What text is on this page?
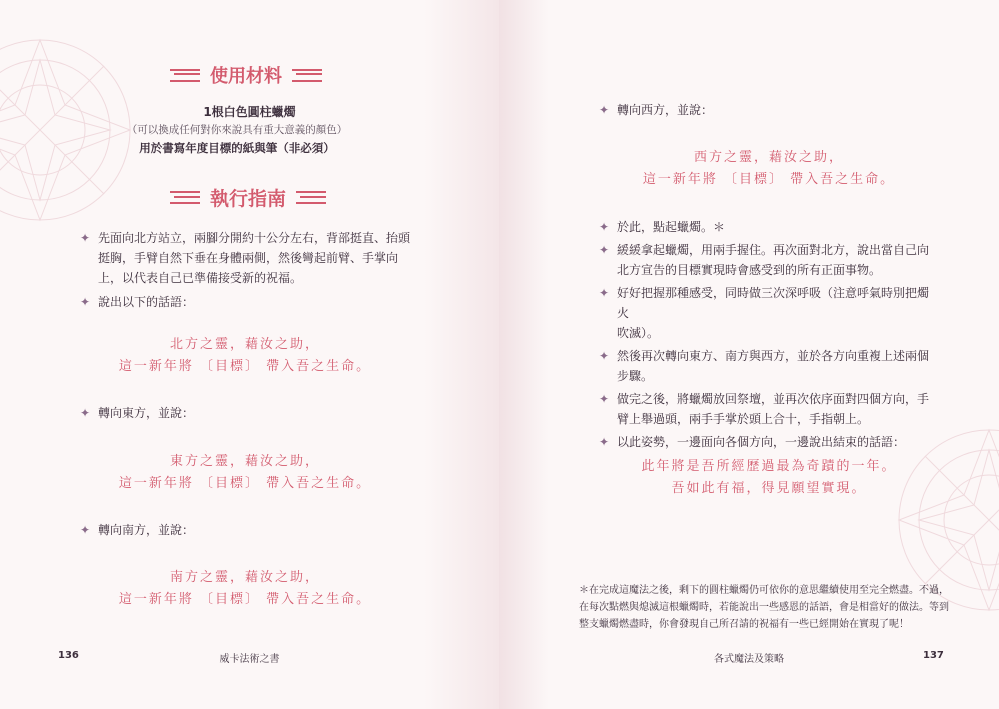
使用材料
1根白色圓柱蠟燭
（可以換成任何對你來說具有重大意義的顏色）
用於書寫年度目標的紙與筆（非必須）
執行指南
✦ 先面向北方站立，兩腳分開約十公分左右，背部挺直、抬頭
挺胸，手臂自然下垂在身體兩側，然後彎起前臂、手掌向
上，以代表自己已準備接受新的祝福。
✦ 說出以下的話語：
北方之靈，藉汝之助，
這一新年將 〔目標〕 帶入吾之生命。
✦ 轉向東方，並說：
東方之靈，藉汝之助，
這一新年將 〔目標〕 帶入吾之生命。
✦ 轉向南方，並說：
南方之靈，藉汝之助，
這一新年將 〔目標〕 帶入吾之生命。
136	威卡法術之書
✦ 轉向西方，並說：
西方之靈，藉汝之助，
這一新年將 〔目標〕 帶入吾之生命。
✦ 於此，點起蠟燭。＊
✦ 緩緩拿起蠟燭，用兩手握住。再次面對北方，說出當自己向
北方宣告的目標實現時會感受到的所有正面事物。
✦ 好好把握那種感受，同時做三次深呼吸（注意呼氣時別把燭火
吹滅）。
✦ 然後再次轉向東方、南方與西方，並於各方向重複上述兩個
步驟。
✦ 做完之後，將蠟燭放回祭壇，並再次依序面對四個方向，手
臂上舉過頭，兩手手掌於頭上合十，手指朝上。
✦ 以此姿勢，一邊面向各個方向，一邊說出結束的話語：
此年將是吾所經歷過最為奇蹟的一年。
吾如此有福，得見願望實現。
＊在完成這魔法之後，剩下的圓柱蠟燭仍可依你的意思繼續使用至完全燃盡。不過，
在每次點燃與熄滅這根蠟燭時，若能說出一些感恩的話語，會是相當好的做法。等到
整支蠟燭燃盡時，你會發現自己所召請的祝福有一些已經開始在實現了呢！
各式魔法及策略	137
